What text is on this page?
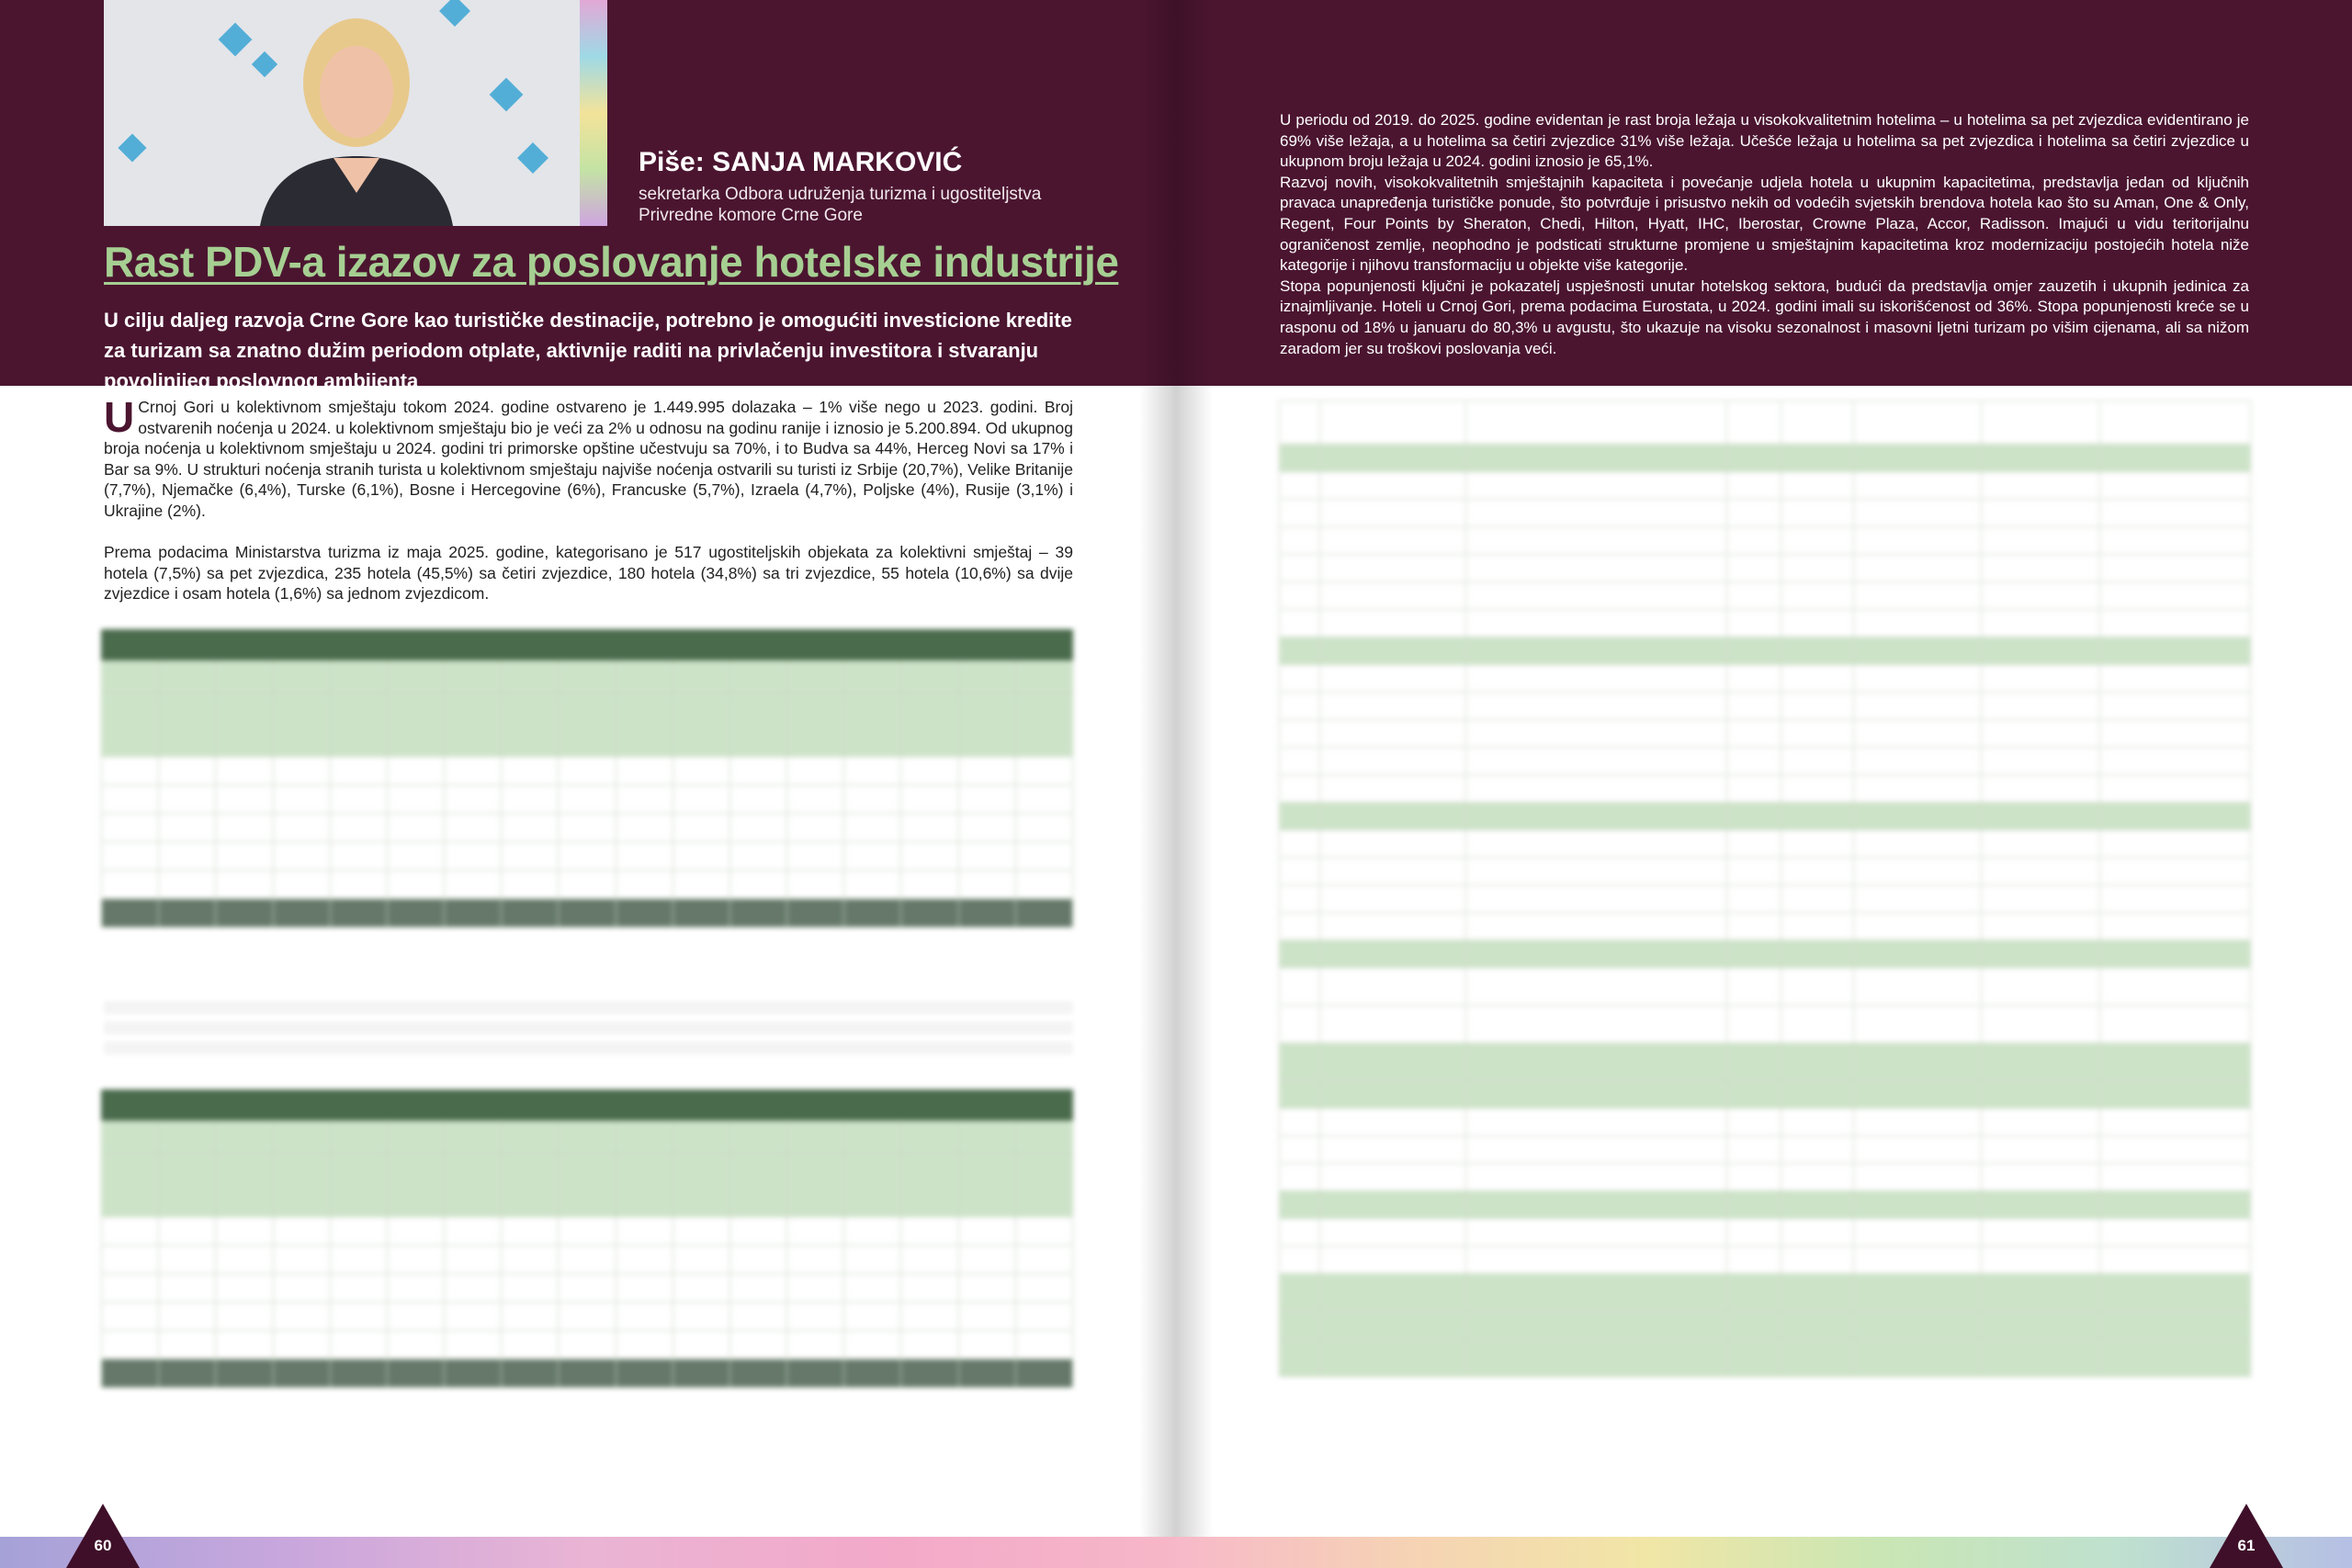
Piše: SANJA MARKOVIĆ
sekretarka Odbora udruženja turizma i ugostiteljstva Privredne komore Crne Gore
Rast PDV-a izazov za poslovanje hotelske industrije
U cilju daljeg razvoja Crne Gore kao turističke destinacije, potrebno je omogućiti investicione kredite za turizam sa znatno dužim periodom otplate, aktivnije raditi na privlačenju investitora i stvaranju povoljnijeg poslovnog ambijenta
U Crnoj Gori u kolektivnom smještaju tokom 2024. godine ostvareno je 1.449.995 dolazaka – 1% više nego u 2023. godini. Broj ostvarenih noćenja u 2024. u kolektivnom smještaju bio je veći za 2% u odnosu na godinu ranije i iznosio je 5.200.894. Od ukupnog broja noćenja u kolektivnom smještaju u 2024. godini tri primorske opštine učestvuju sa 70%, i to Budva sa 44%, Herceg Novi sa 17% i Bar sa 9%. U strukturi noćenja stranih turista u kolektivnom smještaju najviše noćenja ostvarili su turisti iz Srbije (20,7%), Velike Britanije (7,7%), Njemačke (6,4%), Turske (6,1%), Bosne i Hercegovine (6%), Francuske (5,7%), Izraela (4,7%), Poljske (4%), Rusije (3,1%) i Ukrajine (2%).
Prema podacima Ministarstva turizma iz maja 2025. godine, kategorisano je 517 ugostiteljskih objekata za kolektivni smještaj – 39 hotela (7,5%) sa pet zvjezdica, 235 hotela (45,5%) sa četiri zvjezdice, 180 hotela (34,8%) sa tri zvjezdice, 55 hotela (10,6%) sa dvije zvjezdice i osam hotela (1,6%) sa jednom zvjezdicom.

60

U periodu od 2019. do 2025. godine evidentan je rast broja ležaja u visokokvalitetnim hotelima – u hotelima sa pet zvjezdica evidentirano je 69% više ležaja, a u hotelima sa četiri zvjezdice 31% više ležaja. Učešće ležaja u hotelima sa pet zvjezdica i hotelima sa četiri zvjezdice u ukupnom broju ležaja u 2024. godini iznosio je 65,1%.

Razvoj novih, visokokvalitetnih smještajnih kapaciteta i povećanje udjela hotela u ukupnim kapacitetima, predstavlja jedan od ključnih pravaca unapređenja turističke ponude, što potvrđuje i prisustvo nekih od vodećih svjetskih brendova hotela kao što su Aman, One & Only, Regent, Four Points by Sheraton, Chedi, Hilton, Hyatt, IHC, Iberostar, Crowne Plaza, Accor, Radisson. Imajući u vidu teritorijalnu ograničenost zemlje, neophodno je podsticati strukturne promjene u smještajnim kapacitetima kroz modernizaciju postojećih hotela niže kategorije i njihovu transformaciju u objekte više kategorije.

Stopa popunjenosti ključni je pokazatelj uspješnosti unutar hotelskog sektora, budući da predstavlja omjer zauzetih i ukupnih jedinica za iznajmljivanje. Hoteli u Crnoj Gori, prema podacima Eurostata, u 2024. godini imali su iskorišćenost od 36%. Stopa popunjenosti kreće se u rasponu od 18% u januaru do 80,3% u avgustu, što ukazuje na visoku sezonalnost i masovni ljetni turizam po višim cijenama, ali sa nižom zaradom jer su troškovi poslovanja veći.

61
